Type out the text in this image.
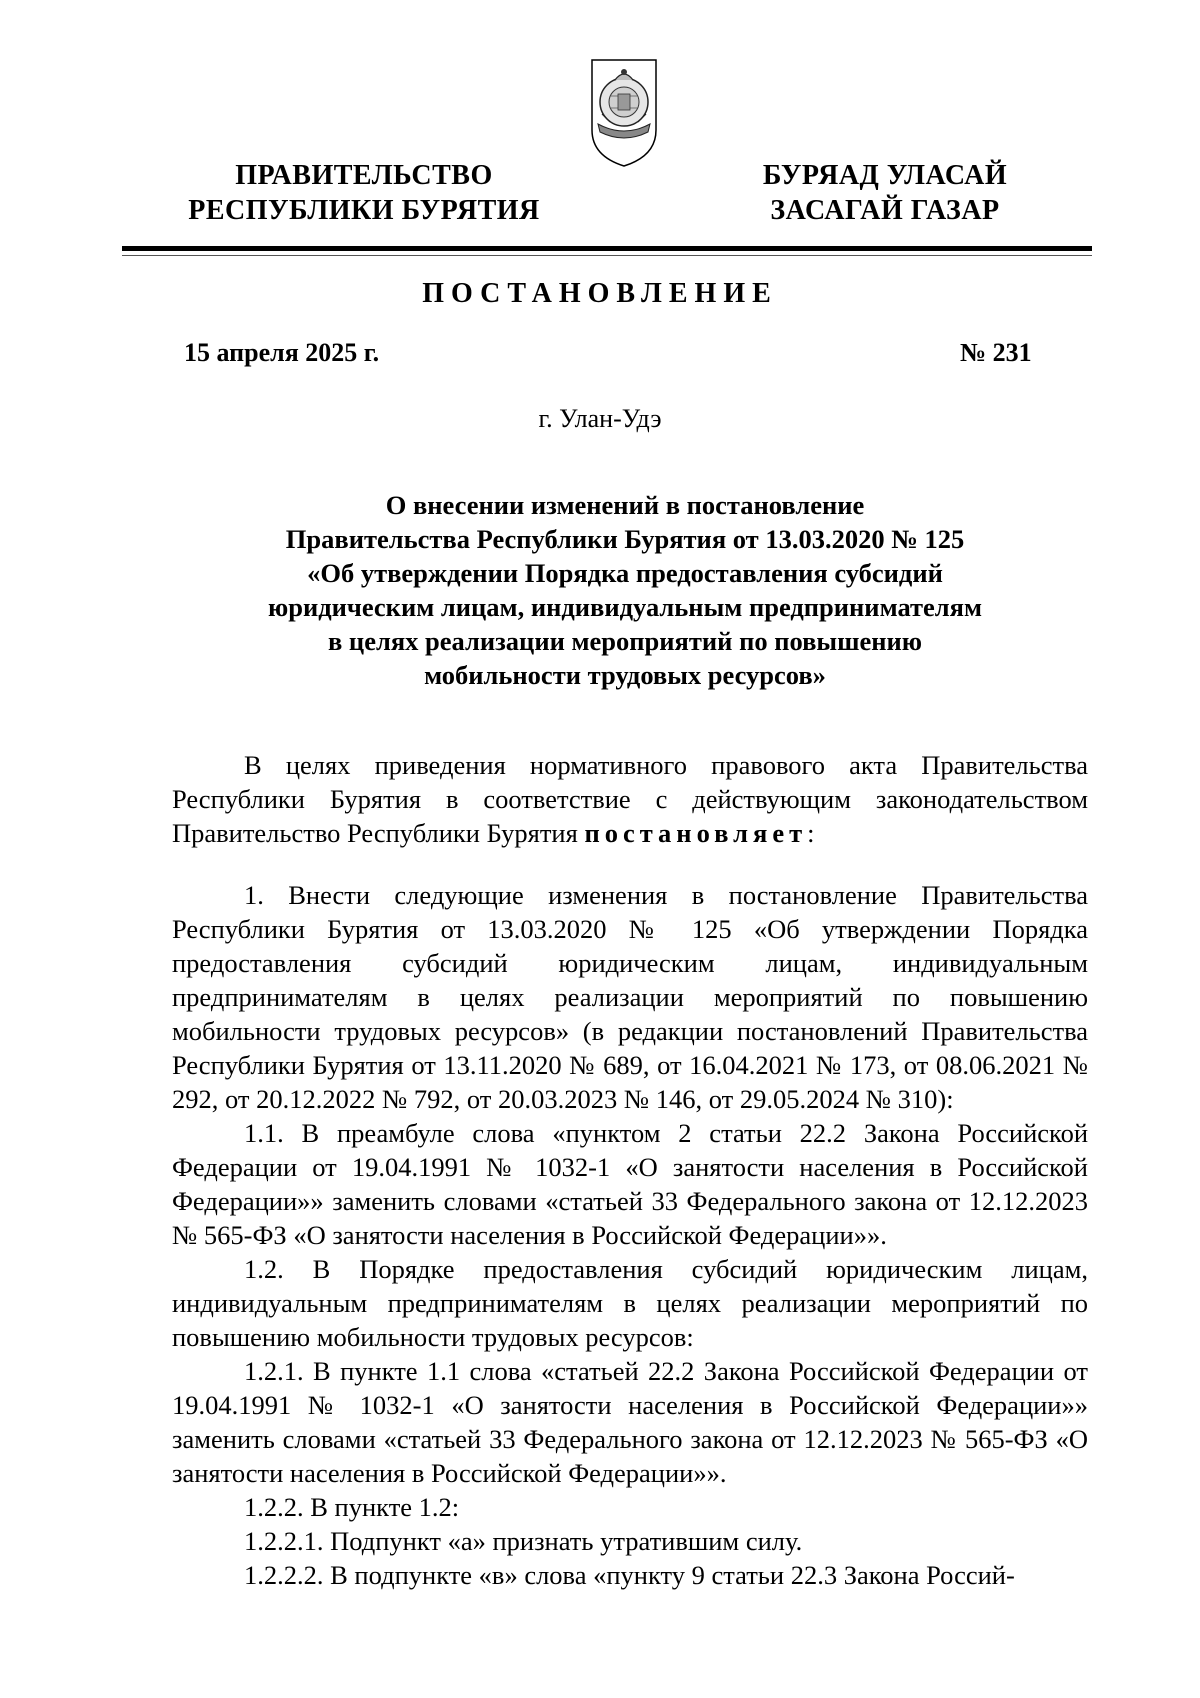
ПРАВИТЕЛЬСТВО
РЕСПУБЛИКИ БУРЯТИЯ
БУРЯАД УЛАСАЙ
ЗАСАГАЙ ГАЗАР
ПОСТАНОВЛЕНИЕ
15 апреля 2025 г.	№ 231
г. Улан-Удэ
О внесении изменений в постановление
Правительства Республики Бурятия от 13.03.2020 № 125
«Об утверждении Порядка предоставления субсидий
юридическим лицам, индивидуальным предпринимателям
в целях реализации мероприятий по повышению
мобильности трудовых ресурсов»

В целях приведения нормативного правового акта Правительства Республики Бурятия в соответствие с действующим законодательством Правительство Республики Бурятия постановляет:

1. Внести следующие изменения в постановление Правительства Республики Бурятия от 13.03.2020 № 125 «Об утверждении Порядка предоставления субсидий юридическим лицам, индивидуальным предпринимателям в целях реализации мероприятий по повышению мобильности трудовых ресурсов» (в редакции постановлений Правительства Республики Бурятия от 13.11.2020 № 689, от 16.04.2021 № 173, от 08.06.2021 № 292, от 20.12.2022 № 792, от 20.03.2023 № 146, от 29.05.2024 № 310):

1.1. В преамбуле слова «пунктом 2 статьи 22.2 Закона Российской Федерации от 19.04.1991 № 1032-1 «О занятости населения в Российской Федерации»» заменить словами «статьей 33 Федерального закона от 12.12.2023 № 565-ФЗ «О занятости населения в Российской Федерации»».

1.2. В Порядке предоставления субсидий юридическим лицам, индивидуальным предпринимателям в целях реализации мероприятий по повышению мобильности трудовых ресурсов:

1.2.1. В пункте 1.1 слова «статьей 22.2 Закона Российской Федерации от 19.04.1991 № 1032-1 «О занятости населения в Российской Федерации»» заменить словами «статьей 33 Федерального закона от 12.12.2023 № 565-ФЗ «О занятости населения в Российской Федерации»».

1.2.2. В пункте 1.2:

1.2.2.1. Подпункт «а» признать утратившим силу.

1.2.2.2. В подпункте «в» слова «пункту 9 статьи 22.3 Закона Россий-
